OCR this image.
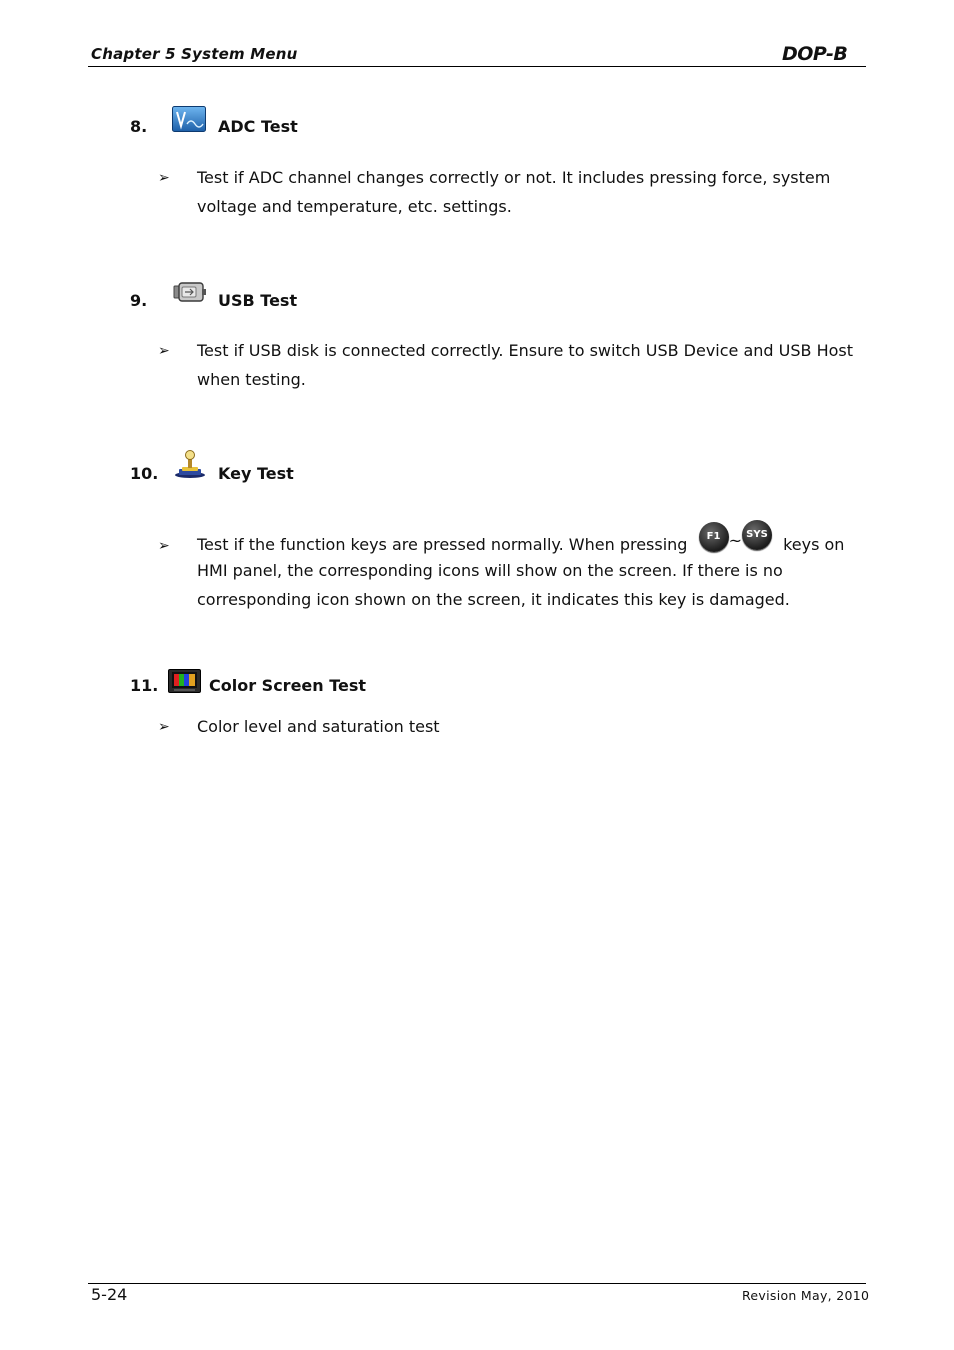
Chapter 5 System Menu	DOP-B
8.	ADC Test
➢ Test if ADC channel changes correctly or not. It includes pressing force, system
voltage and temperature, etc. settings.
9.	USB Test
➢ Test if USB disk is connected correctly. Ensure to switch USB Device and USB Host
when testing.
10.	Key Test
➢ Test if the function keys are pressed normally. When pressing F1 ~ SYS keys on
HMI panel, the corresponding icons will show on the screen. If there is no
corresponding icon shown on the screen, it indicates this key is damaged.
11.	Color Screen Test
➢ Color level and saturation test
5-24	Revision May, 2010
